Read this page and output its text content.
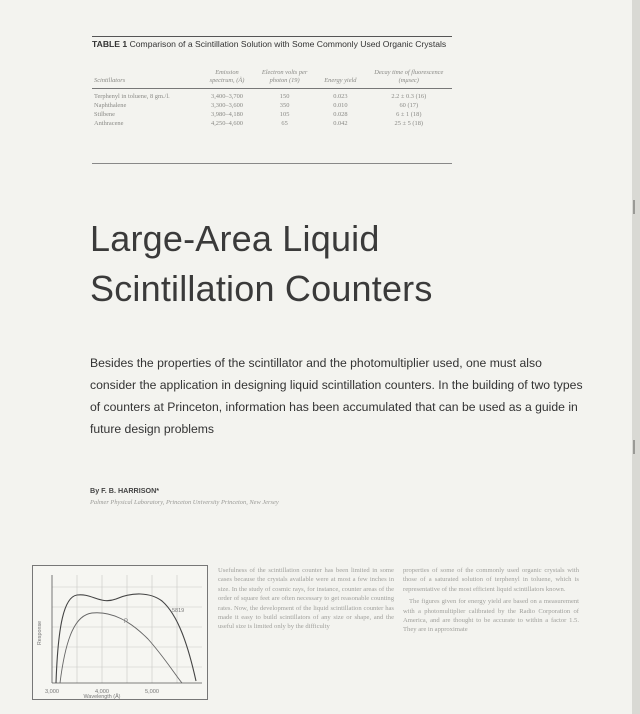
TABLE 1 Comparison of a Scintillation Solution with Some Commonly Used Organic Crystals
Scintillators	Emission spectrum, (Å)	Electron volts per photon (19)	Energy yield	Decay time of fluorescence (mμsec)
Terphenyl in toluene, 8 gm./l.	3,400–3,700	150	0.023	2.2 ± 0.3 (16)
Naphthalene	3,300–3,600	350	0.010	60 (17)
Stilbene	3,980–4,180	105	0.028	6 ± 1 (18)
Anthracene	4,250–4,600	65	0.042	25 ± 5 (18)
Large-Area Liquid
Scintillation Counters
Besides the properties of the scintillator and the photomultiplier used, one must also consider the application in designing liquid scintillation counters. In the building of two types of counters at Princeton, information has been accumulated that can be used as a guide in future design problems
By F. B. HARRISON*
Palmer Physical Laboratory, Princeton University Princeton, New Jersey
P
5819
3,000	4,000	5,000
Wavelength (Å)
Response

Usefulness of the scintillation counter has been limited in some cases because the crystals available were at most a few inches in size. In the study of cosmic rays, for instance, counter areas of the order of square feet are often necessary to get reasonable counting rates. Now, the development of the liquid scintillation counter has made it easy to build scintillators of any size or shape, and the useful size is limited only by the difficulty

properties of some of the commonly used organic crystals with those of a saturated solution of terphenyl in toluene, which is representative of the most efficient liquid scintillators known.

The figures given for energy yield are based on a measurement with a photomultiplier calibrated by the Radio Corporation of America, and are thought to be accurate to within a factor 1.5. They are in approximate
